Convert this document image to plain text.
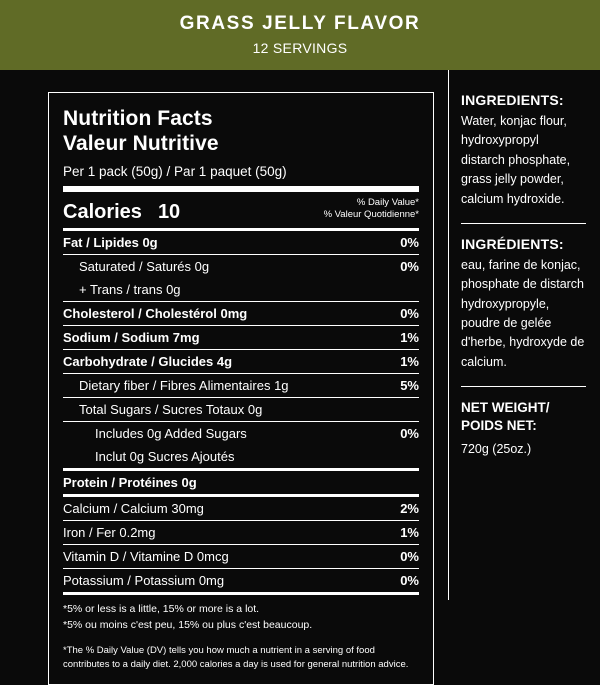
GRASS JELLY FLAVOR
12 SERVINGS
Nutrition Facts
Valeur Nutritive
Per 1 pack (50g) / Par 1 paquet (50g)
Calories 10	% Daily Value*
% Valeur Quotidienne*
Fat / Lipides 0g	0%
Saturated / Saturés 0g	0%
+ Trans / trans 0g
Cholesterol / Cholestérol 0mg	0%
Sodium / Sodium 7mg	1%
Carbohydrate / Glucides 4g	1%
Dietary fiber / Fibres Alimentaires 1g	5%
Total Sugars / Sucres Totaux 0g
Includes 0g Added Sugars	0%
Inclut 0g Sucres Ajoutés
Protein / Protéines 0g
Calcium / Calcium 30mg	2%
Iron / Fer 0.2mg	1%
Vitamin D / Vitamine D 0mcg	0%
Potassium / Potassium 0mg	0%
*5% or less is a little, 15% or more is a lot.
*5% ou moins c'est peu, 15% ou plus c'est beaucoup.
*The % Daily Value (DV) tells you how much a nutrient in a serving of food contributes to a daily diet. 2,000 calories a day is used for general nutrition advice.
INGREDIENTS:
Water, konjac flour, hydroxypropyl distarch phosphate, grass jelly powder, calcium hydroxide.
INGRÉDIENTS:
eau, farine de konjac, phosphate de distarch hydroxypropyle, poudre de gelée d'herbe, hydroxyde de calcium.
NET WEIGHT/ POIDS NET:
720g (25oz.)
